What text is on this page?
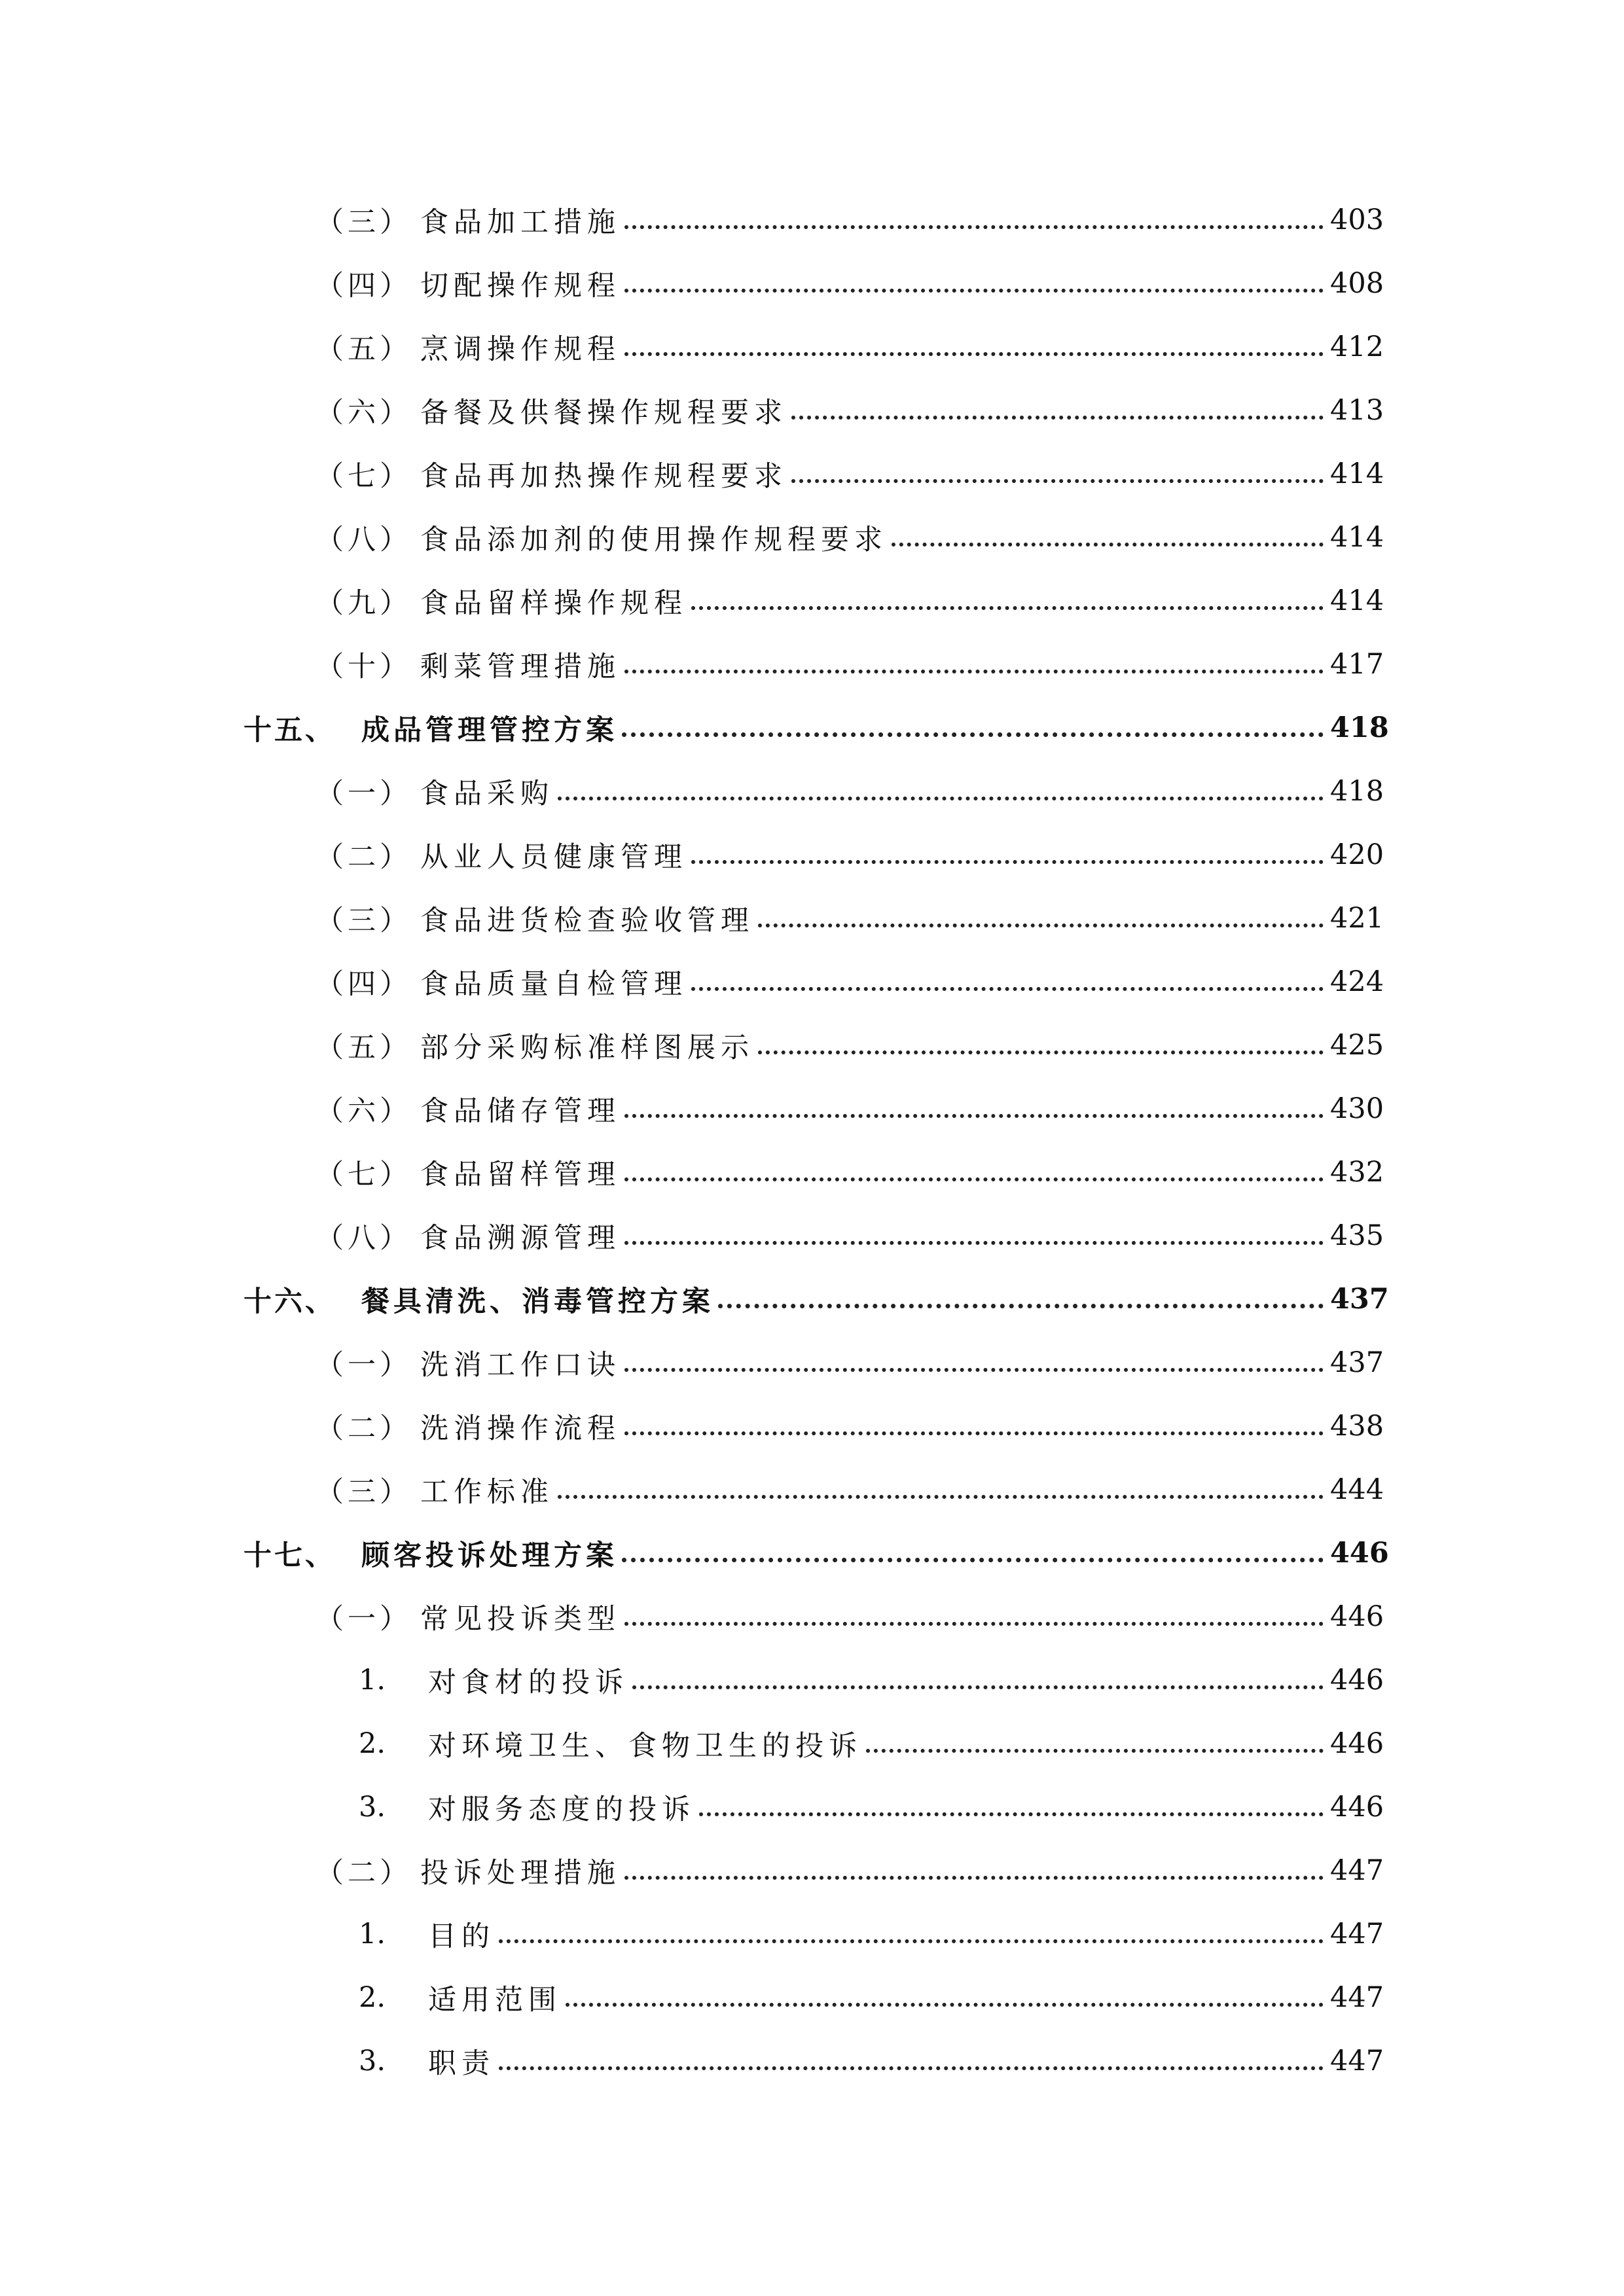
（三） 食品加工措施	403
（四） 切配操作规程	408
（五） 烹调操作规程	412
（六） 备餐及供餐操作规程要求	413
（七） 食品再加热操作规程要求	414
（八） 食品添加剂的使用操作规程要求	414
（九） 食品留样操作规程	414
（十） 剩菜管理措施	417
十五、 成品管理管控方案	418
（一） 食品采购	418
（二） 从业人员健康管理	420
（三） 食品进货检查验收管理	421
（四） 食品质量自检管理	424
（五） 部分采购标准样图展示	425
（六） 食品储存管理	430
（七） 食品留样管理	432
（八） 食品溯源管理	435
十六、 餐具清洗、消毒管控方案	437
（一） 洗消工作口诀	437
（二） 洗消操作流程	438
（三） 工作标准	444
十七、 顾客投诉处理方案	446
（一） 常见投诉类型	446
1.	对食材的投诉	446
2.	对环境卫生、食物卫生的投诉	446
3.	对服务态度的投诉	446
（二） 投诉处理措施	447
1.	目的	447
2.	适用范围	447
3.	职责	447
